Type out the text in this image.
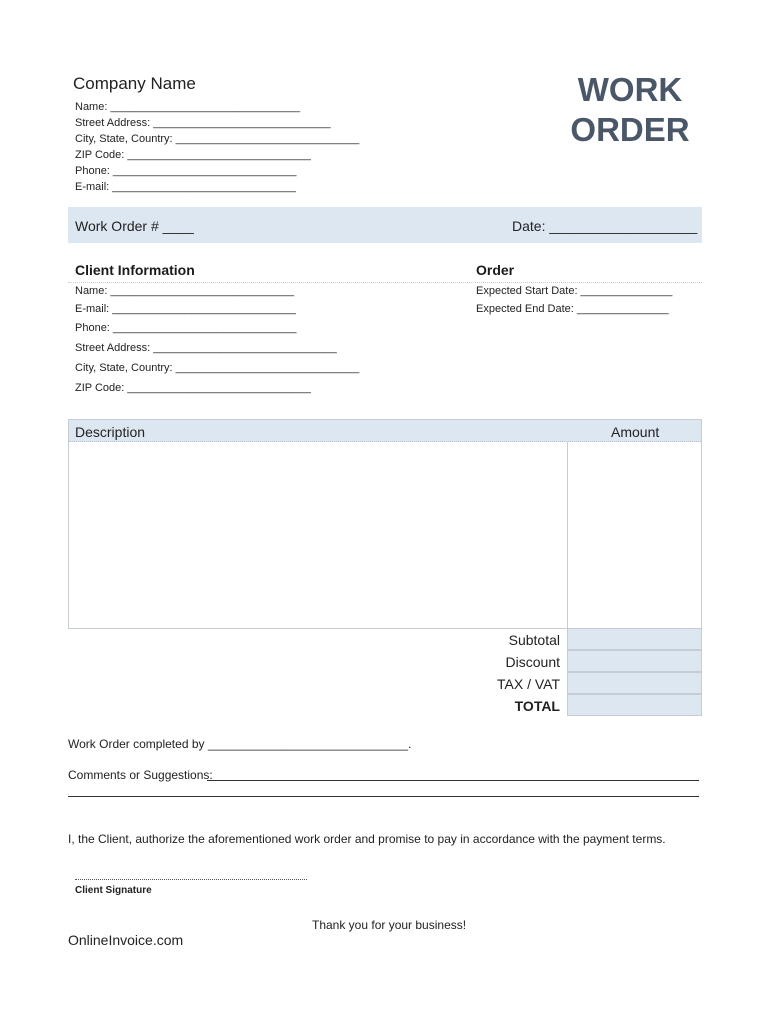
Company Name
Name: _______________________________
Street Address: _____________________________
City, State, Country: ______________________________
ZIP Code: ______________________________
Phone: ______________________________
E-mail: ______________________________
WORK
ORDER
Work Order # ____	Date: ___________________
Client Information	Order
Name: ______________________________
E-mail: ______________________________
Phone: ______________________________
Street Address: ______________________________
City, State, Country: ______________________________
ZIP Code: ______________________________
Expected Start Date: _______________
Expected End Date: _______________
Description	Amount
Subtotal
Discount
TAX / VAT
TOTAL
Work Order completed by ______________________________.
Comments or Suggestions:
I, the Client, authorize the aforementioned work order and promise to pay in accordance with the payment terms.
Client Signature
Thank you for your business!
OnlineInvoice.com
